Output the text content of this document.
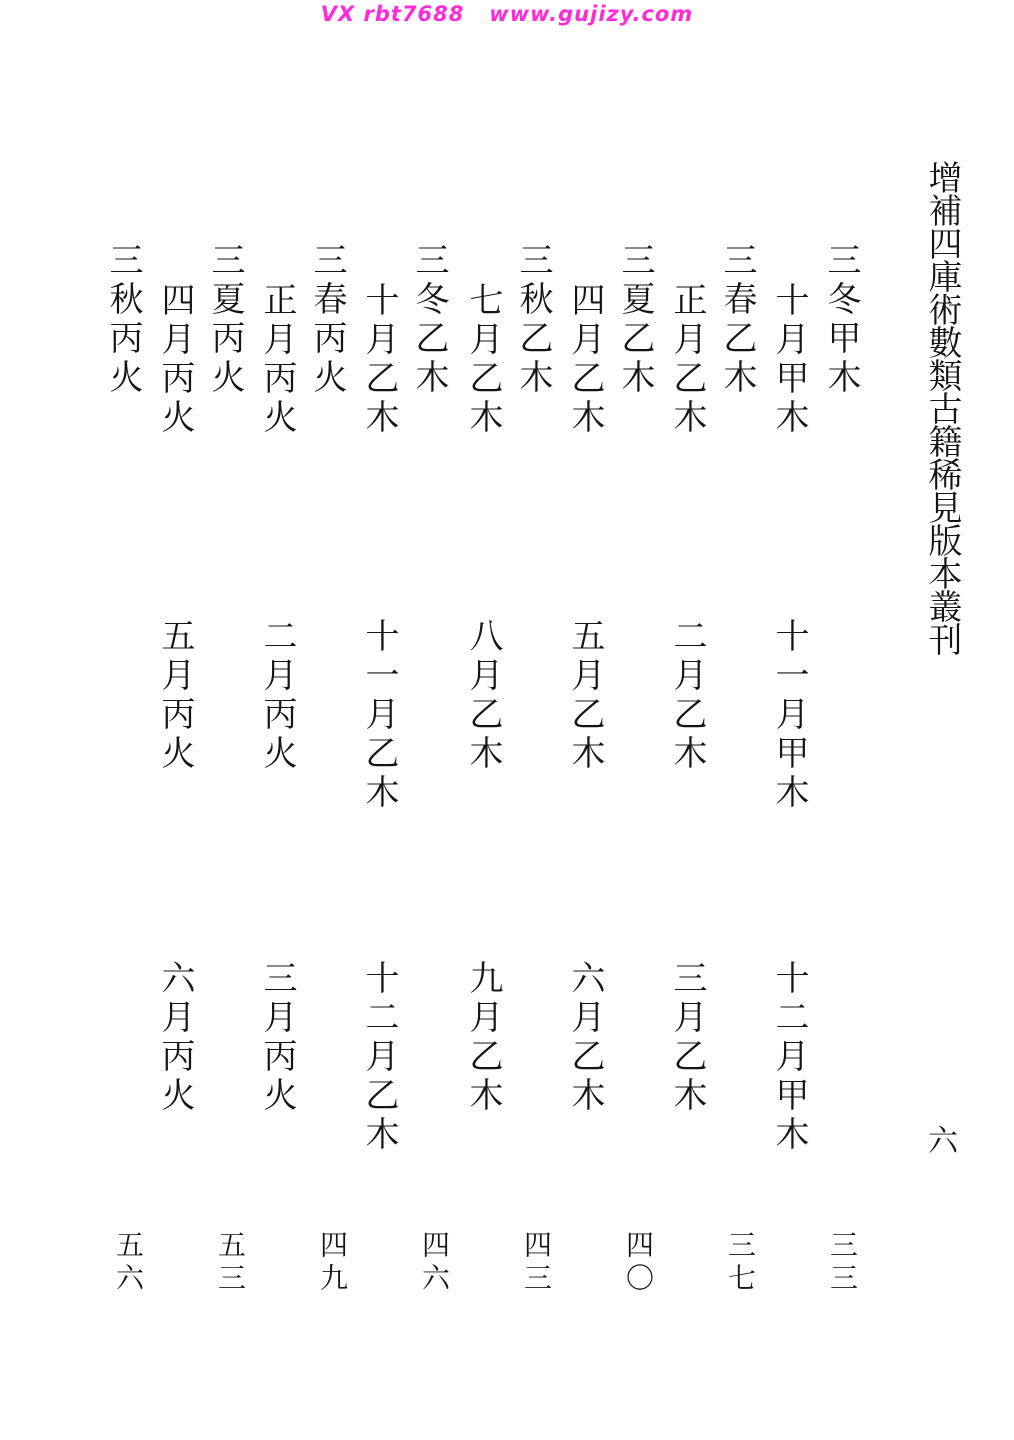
VX rbt7688   www.gujizy.com
增補四庫術數類古籍稀見版本叢刊
六
三冬甲木
十月甲木
十一月甲木
十二月甲木
三三
三春乙木
正月乙木
二月乙木
三月乙木
三七
三夏乙木
四月乙木
五月乙木
六月乙木
四〇
三秋乙木
七月乙木
八月乙木
九月乙木
四三
三冬乙木
十月乙木
十一月乙木
十二月乙木
四六
三春丙火
正月丙火
二月丙火
三月丙火
四九
三夏丙火
四月丙火
五月丙火
六月丙火
五三
三秋丙火
五六
